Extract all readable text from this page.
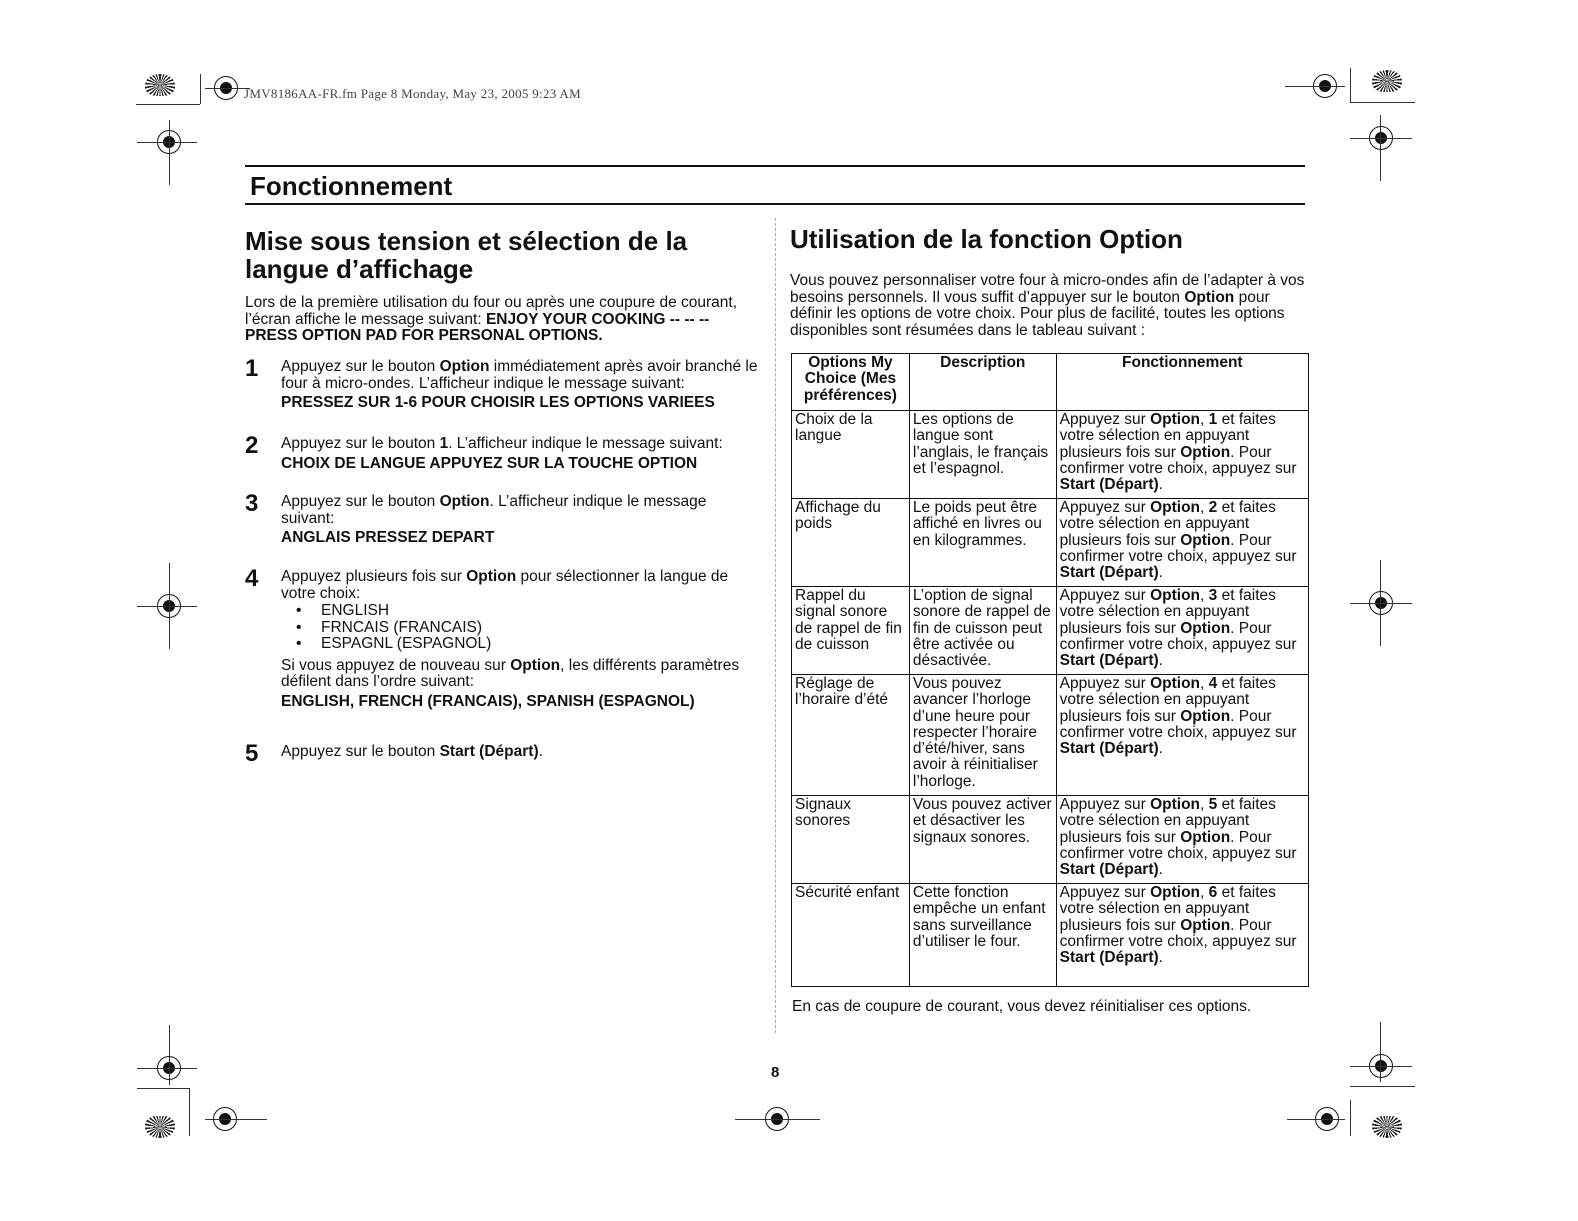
JMV8186AA-FR.fm Page 8 Monday, May 23, 2005 9:23 AM
Fonctionnement
Mise sous tension et sélection de la langue d’affichage

Lors de la première utilisation du four ou après une coupure de courant, l’écran affiche le message suivant: ENJOY YOUR COOKING -- -- -- PRESS OPTION PAD FOR PERSONAL OPTIONS.

1 Appuyez sur le bouton Option immédiatement après avoir branché le four à micro-ondes. L’afficheur indique le message suivant:

PRESSEZ SUR 1-6 POUR CHOISIR LES OPTIONS VARIEES

2 Appuyez sur le bouton 1. L’afficheur indique le message suivant:

CHOIX DE LANGUE APPUYEZ SUR LA TOUCHE OPTION

3 Appuyez sur le bouton Option. L’afficheur indique le message suivant:

ANGLAIS PRESSEZ DEPART

4 Appuyez plusieurs fois sur Option pour sélectionner la langue de votre choix:

• ENGLISH
• FRNCAIS (FRANCAIS)
• ESPAGNL (ESPAGNOL)

Si vous appuyez de nouveau sur Option, les différents paramètres défilent dans l’ordre suivant:

ENGLISH, FRENCH (FRANCAIS), SPANISH (ESPAGNOL)

5 Appuyez sur le bouton Start (Départ).

Utilisation de la fonction Option

Vous pouvez personnaliser votre four à micro-ondes afin de l’adapter à vos besoins personnels. Il vous suffit d’appuyer sur le bouton Option pour définir les options de votre choix. Pour plus de facilité, toutes les options disponibles sont résumées dans le tableau suivant :

Options My Choice (Mes préférences)	Description	Fonctionnement
Choix de la langue	Les options de langue sont l’anglais, le français et l’espagnol.	Appuyez sur Option, 1 et faites votre sélection en appuyant plusieurs fois sur Option. Pour confirmer votre choix, appuyez sur Start (Départ).
Affichage du poids	Le poids peut être affiché en livres ou en kilogrammes.	Appuyez sur Option, 2 et faites votre sélection en appuyant plusieurs fois sur Option. Pour confirmer votre choix, appuyez sur Start (Départ).
Rappel du signal sonore de rappel de fin de cuisson	L’option de signal sonore de rappel de fin de cuisson peut être activée ou désactivée.	Appuyez sur Option, 3 et faites votre sélection en appuyant plusieurs fois sur Option. Pour confirmer votre choix, appuyez sur Start (Départ).
Réglage de l’horaire d’été	Vous pouvez avancer l’horloge d’une heure pour respecter l’horaire d’été/hiver, sans avoir à réinitialiser l’horloge.	Appuyez sur Option, 4 et faites votre sélection en appuyant plusieurs fois sur Option. Pour confirmer votre choix, appuyez sur Start (Départ).
Signaux sonores	Vous pouvez activer et désactiver les signaux sonores.	Appuyez sur Option, 5 et faites votre sélection en appuyant plusieurs fois sur Option. Pour confirmer votre choix, appuyez sur Start (Départ).
Sécurité enfant	Cette fonction empêche un enfant sans surveillance d’utiliser le four.	Appuyez sur Option, 6 et faites votre sélection en appuyant plusieurs fois sur Option. Pour confirmer votre choix, appuyez sur Start (Départ).

En cas de coupure de courant, vous devez réinitialiser ces options.

8
